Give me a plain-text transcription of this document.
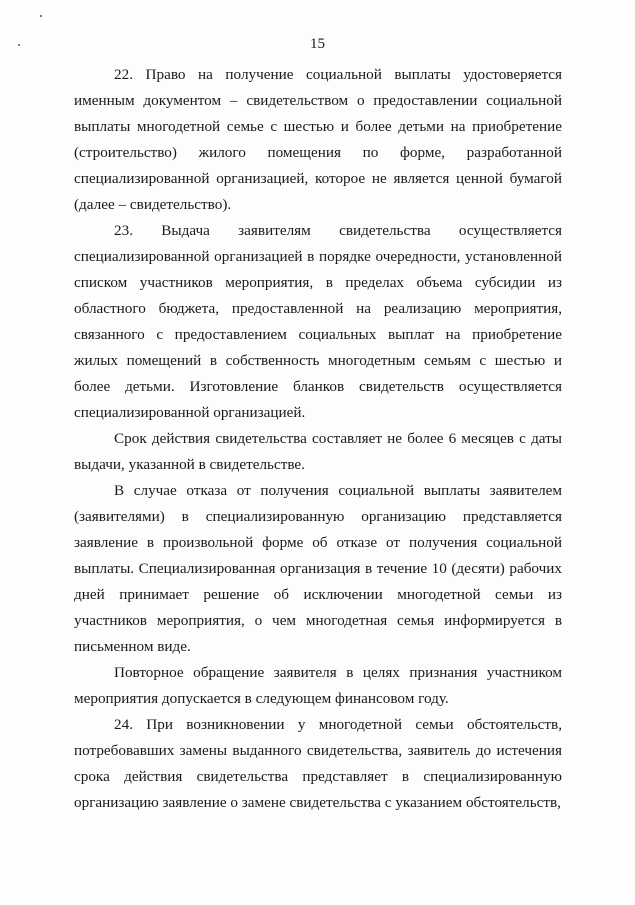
15

22. Право на получение социальной выплаты удостоверяется именным документом – свидетельством о предоставлении социальной выплаты многодетной семье с шестью и более детьми на приобретение (строительство) жилого помещения по форме, разработанной специализированной организацией, которое не является ценной бумагой (далее – свидетельство).

23. Выдача заявителям свидетельства осуществляется специализированной организацией в порядке очередности, установленной списком участников мероприятия, в пределах объема субсидии из областного бюджета, предоставленной на реализацию мероприятия, связанного с предоставлением социальных выплат на приобретение жилых помещений в собственность многодетным семьям с шестью и более детьми. Изготовление бланков свидетельств осуществляется специализированной организацией.

Срок действия свидетельства составляет не более 6 месяцев с даты выдачи, указанной в свидетельстве.

В случае отказа от получения социальной выплаты заявителем (заявителями) в специализированную организацию представляется заявление в произвольной форме об отказе от получения социальной выплаты. Специализированная организация в течение 10 (десяти) рабочих дней принимает решение об исключении многодетной семьи из участников мероприятия, о чем многодетная семья информируется в письменном виде.

Повторное обращение заявителя в целях признания участником мероприятия допускается в следующем финансовом году.

24. При возникновении у многодетной семьи обстоятельств, потребовавших замены выданного свидетельства, заявитель до истечения срока действия свидетельства представляет в специализированную организацию заявление о замене свидетельства с указанием обстоятельств,
